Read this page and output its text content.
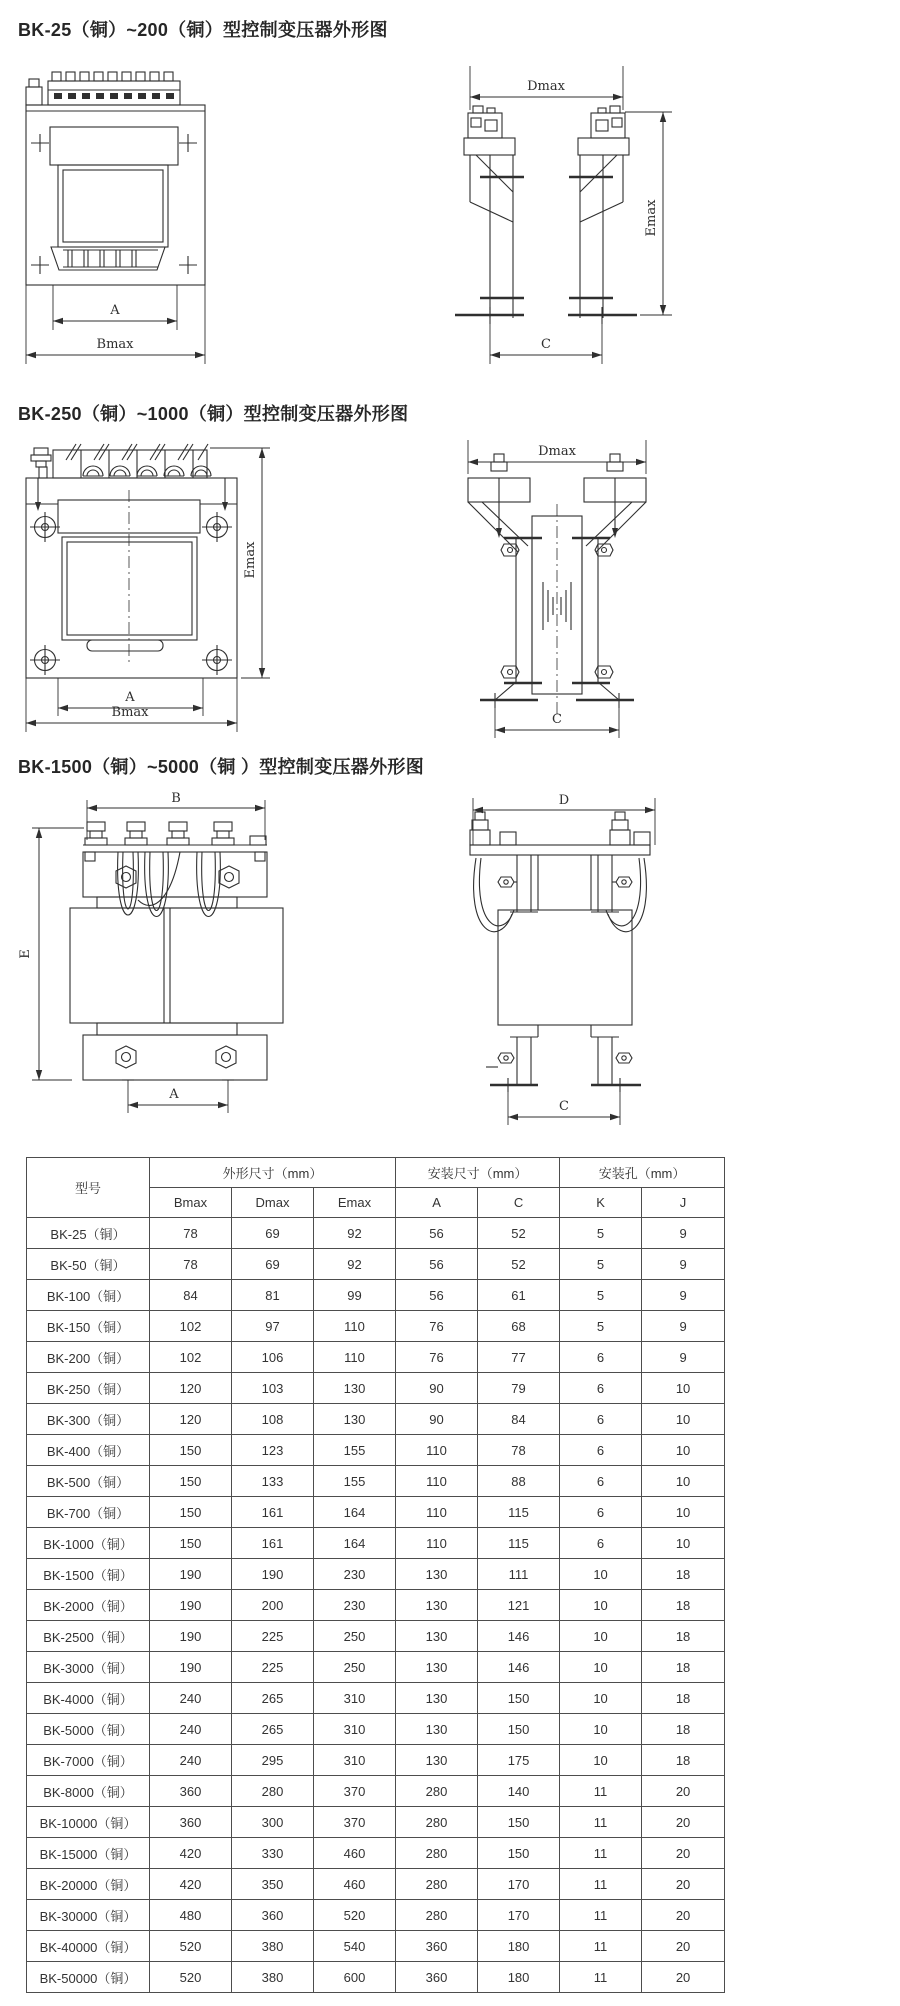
BK-25（铜）~200（铜）型控制变压器外形图
A
Bmax
Dmax
Emax
C
BK-250（铜）~1000（铜）型控制变压器外形图
A
Bmax
Emax
Dmax
C
BK-1500（铜）~5000（铜 ）型控制变压器外形图
B
E
A
D
C
型号	外形尺寸（mm）			安装尺寸（mm）		安装孔（mm）	
	Bmax	Dmax	Emax	A	C	K	J
BK-25（铜）	78	69	92	56	52	5	9
BK-50（铜）	78	69	92	56	52	5	9
BK-100（铜）	84	81	99	56	61	5	9
BK-150（铜）	102	97	110	76	68	5	9
BK-200（铜）	102	106	110	76	77	6	9
BK-250（铜）	120	103	130	90	79	6	10
BK-300（铜）	120	108	130	90	84	6	10
BK-400（铜）	150	123	155	110	78	6	10
BK-500（铜）	150	133	155	110	88	6	10
BK-700（铜）	150	161	164	110	115	6	10
BK-1000（铜）	150	161	164	110	115	6	10
BK-1500（铜）	190	190	230	130	111	10	18
BK-2000（铜）	190	200	230	130	121	10	18
BK-2500（铜）	190	225	250	130	146	10	18
BK-3000（铜）	190	225	250	130	146	10	18
BK-4000（铜）	240	265	310	130	150	10	18
BK-5000（铜）	240	265	310	130	150	10	18
BK-7000（铜）	240	295	310	130	175	10	18
BK-8000（铜）	360	280	370	280	140	11	20
BK-10000（铜）	360	300	370	280	150	11	20
BK-15000（铜）	420	330	460	280	150	11	20
BK-20000（铜）	420	350	460	280	170	11	20
BK-30000（铜）	480	360	520	280	170	11	20
BK-40000（铜）	520	380	540	360	180	11	20
BK-50000（铜）	520	380	600	360	180	11	20
